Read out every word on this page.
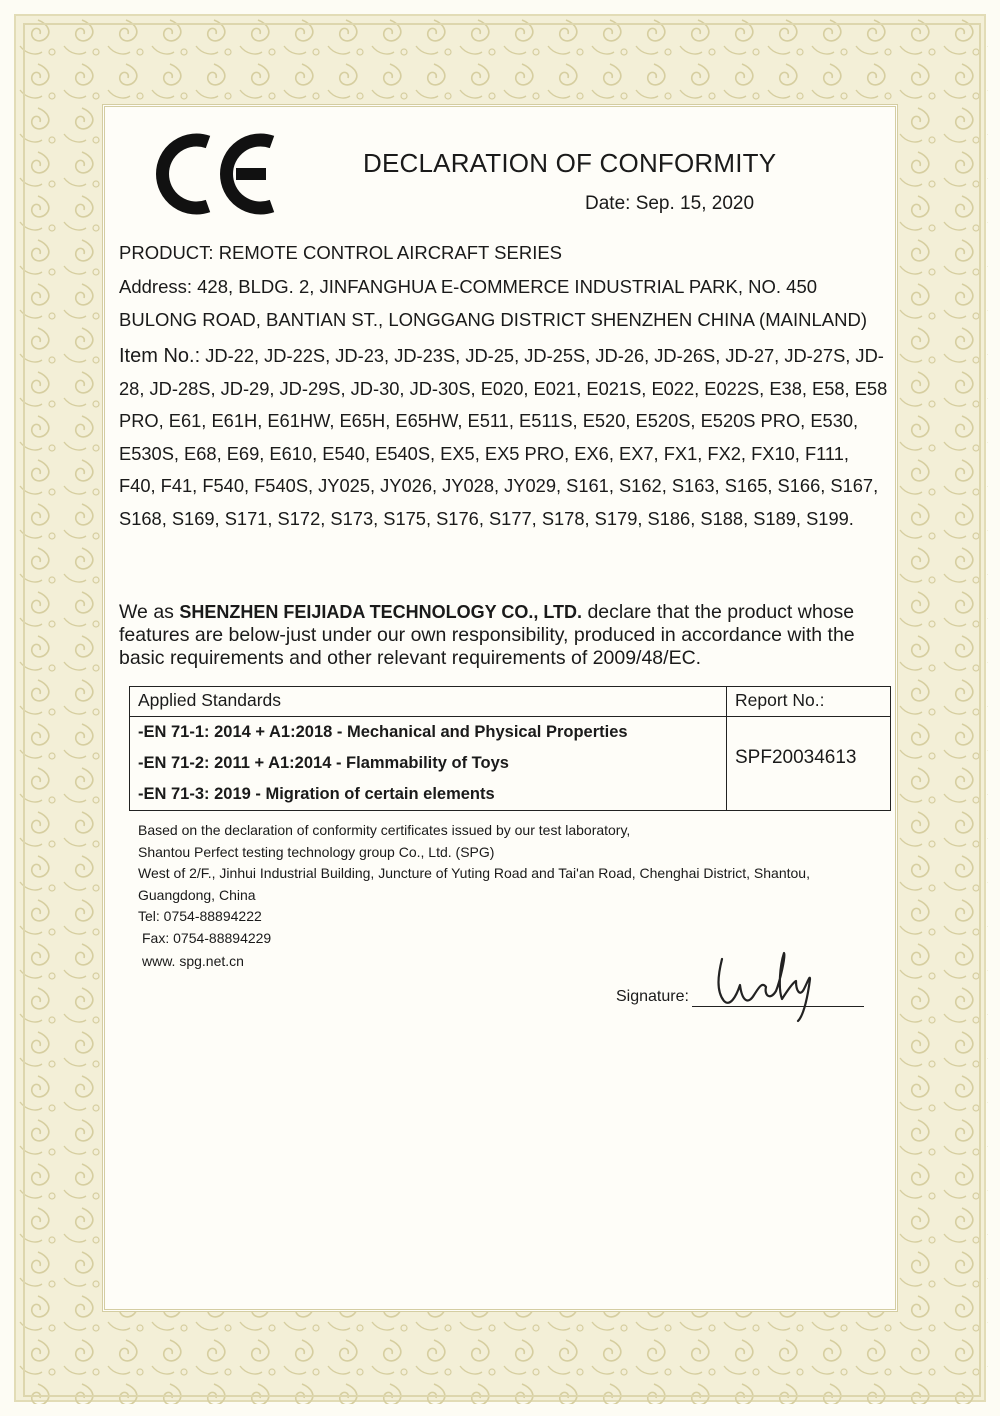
DECLARATION OF CONFORMITY
Date: Sep. 15, 2020
PRODUCT: REMOTE CONTROL AIRCRAFT SERIES
Address: 428, BLDG. 2, JINFANGHUA E-COMMERCE INDUSTRIAL PARK, NO. 450
BULONG ROAD, BANTIAN ST., LONGGANG DISTRICT SHENZHEN CHINA (MAINLAND)
Item No.: JD-22, JD-22S, JD-23, JD-23S, JD-25, JD-25S, JD-26, JD-26S, JD-27, JD-27S, JD-28, JD-28S, JD-29, JD-29S, JD-30, JD-30S, E020, E021, E021S, E022, E022S, E38, E58, E58 PRO, E61, E61H, E61HW, E65H, E65HW, E511, E511S, E520, E520S, E520S PRO, E530, E530S, E68, E69, E610, E540, E540S, EX5, EX5 PRO, EX6, EX7, FX1, FX2, FX10, F111, F40, F41, F540, F540S, JY025, JY026, JY028, JY029, S161, S162, S163, S165, S166, S167, S168, S169, S171, S172, S173, S175, S176, S177, S178, S179, S186, S188, S189, S199.
We as SHENZHEN FEIJIADA TECHNOLOGY CO., LTD. declare that the product whose features are below-just under our own responsibility, produced in accordance with the basic requirements and other relevant requirements of 2009/48/EC.
Applied Standards	Report No.:

-EN 71-1: 2014 + A1:2018 - Mechanical and Physical Properties
-EN 71-2: 2011 + A1:2014 - Flammability of Toys
-EN 71-3: 2019 - Migration of certain elements	SPF20034613
Based on the declaration of conformity certificates issued by our test laboratory,
Shantou Perfect testing technology group Co., Ltd. (SPG)
West of 2/F., Jinhui Industrial Building, Juncture of Yuting Road and Tai'an Road, Chenghai District, Shantou,
Guangdong, China
Tel: 0754-88894222
Fax: 0754-88894229
www. spg.net.cn
Signature:
